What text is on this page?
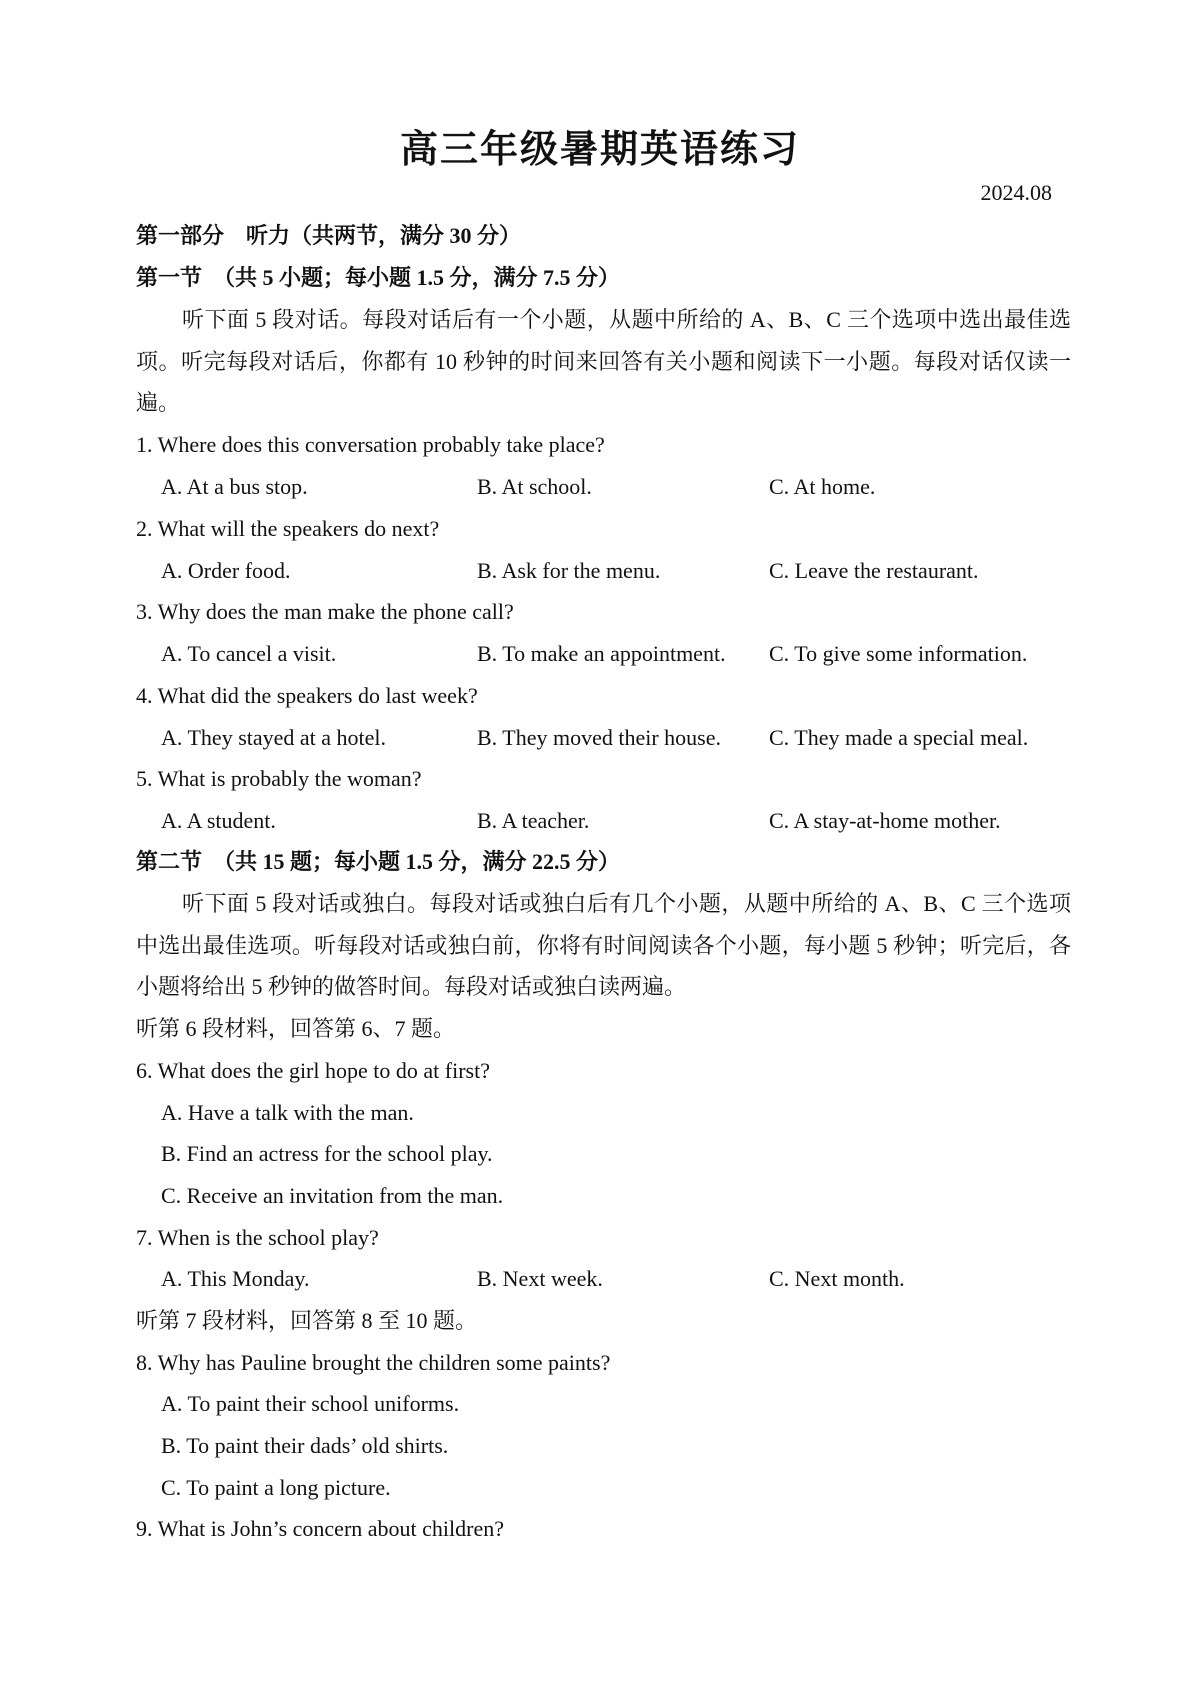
高三年级暑期英语练习
2024.08
第一部分　听力（共两节，满分 30 分）
第一节　（共 5 小题；每小题 1.5 分，满分 7.5 分）
听下面 5 段对话。每段对话后有一个小题，从题中所给的 A、B、C 三个选项中选出最佳选项。听完每段对话后，你都有 10 秒钟的时间来回答有关小题和阅读下一小题。每段对话仅读一遍。
1. Where does this conversation probably take place?
A. At a bus stop.	B. At school.	C. At home.
2. What will the speakers do next?
A. Order food.	B. Ask for the menu.	C. Leave the restaurant.
3. Why does the man make the phone call?
A. To cancel a visit.	B. To make an appointment. C. To give some information.
4. What did the speakers do last week?
A. They stayed at a hotel.	B. They moved their house. C. They made a special meal.
5. What is probably the woman?
A. A student.	B. A teacher.	C. A stay-at-home mother.
第二节　（共 15 题；每小题 1.5 分，满分 22.5 分）
听下面 5 段对话或独白。每段对话或独白后有几个小题，从题中所给的 A、B、C 三个选项中选出最佳选项。听每段对话或独白前，你将有时间阅读各个小题，每小题 5 秒钟；听完后，各小题将给出 5 秒钟的做答时间。每段对话或独白读两遍。
听第 6 段材料，回答第 6、7 题。
6. What does the girl hope to do at first?
A. Have a talk with the man.
B. Find an actress for the school play.
C. Receive an invitation from the man.
7. When is the school play?
A. This Monday.	B. Next week.	C. Next month.
听第 7 段材料，回答第 8 至 10 题。
8. Why has Pauline brought the children some paints?
A. To paint their school uniforms.
B. To paint their dads’ old shirts.
C. To paint a long picture.
9. What is John’s concern about children?
